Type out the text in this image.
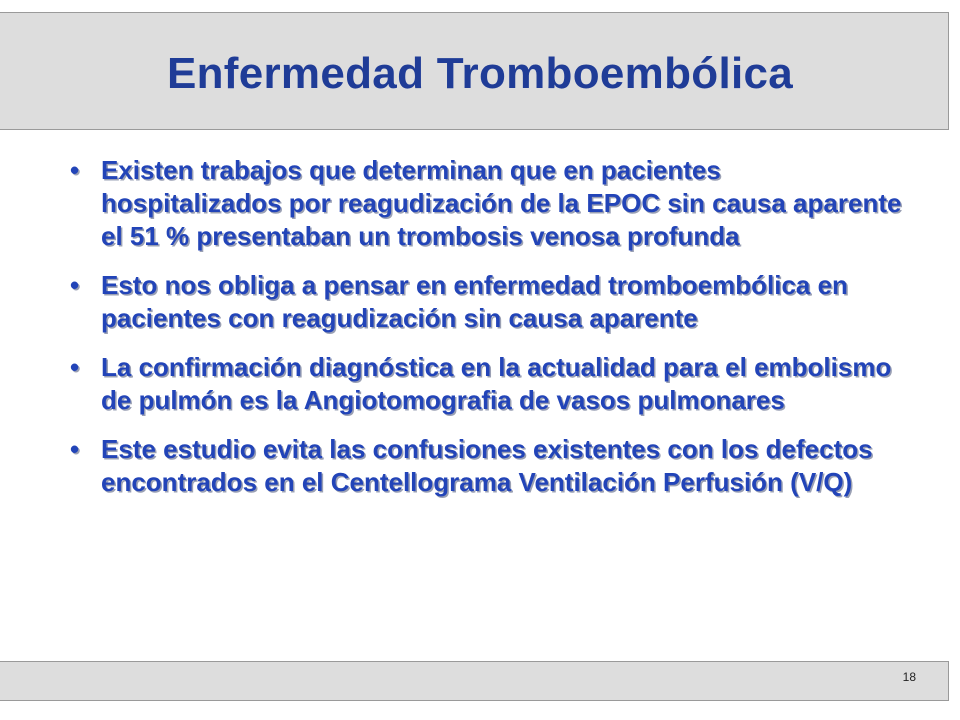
Enfermedad Tromboembólica
• Existen trabajos que determinan que en pacientes hospitalizados por reagudización de la EPOC sin causa aparente el 51 % presentaban un trombosis venosa profunda
• Esto nos obliga a pensar en enfermedad tromboembólica en pacientes con reagudización sin causa aparente
• La confirmación diagnóstica en la actualidad para el embolismo de pulmón es la Angiotomografia de vasos pulmonares
• Este estudio evita las confusiones existentes con los defectos encontrados en el Centellograma Ventilación Perfusión (V/Q)
18
